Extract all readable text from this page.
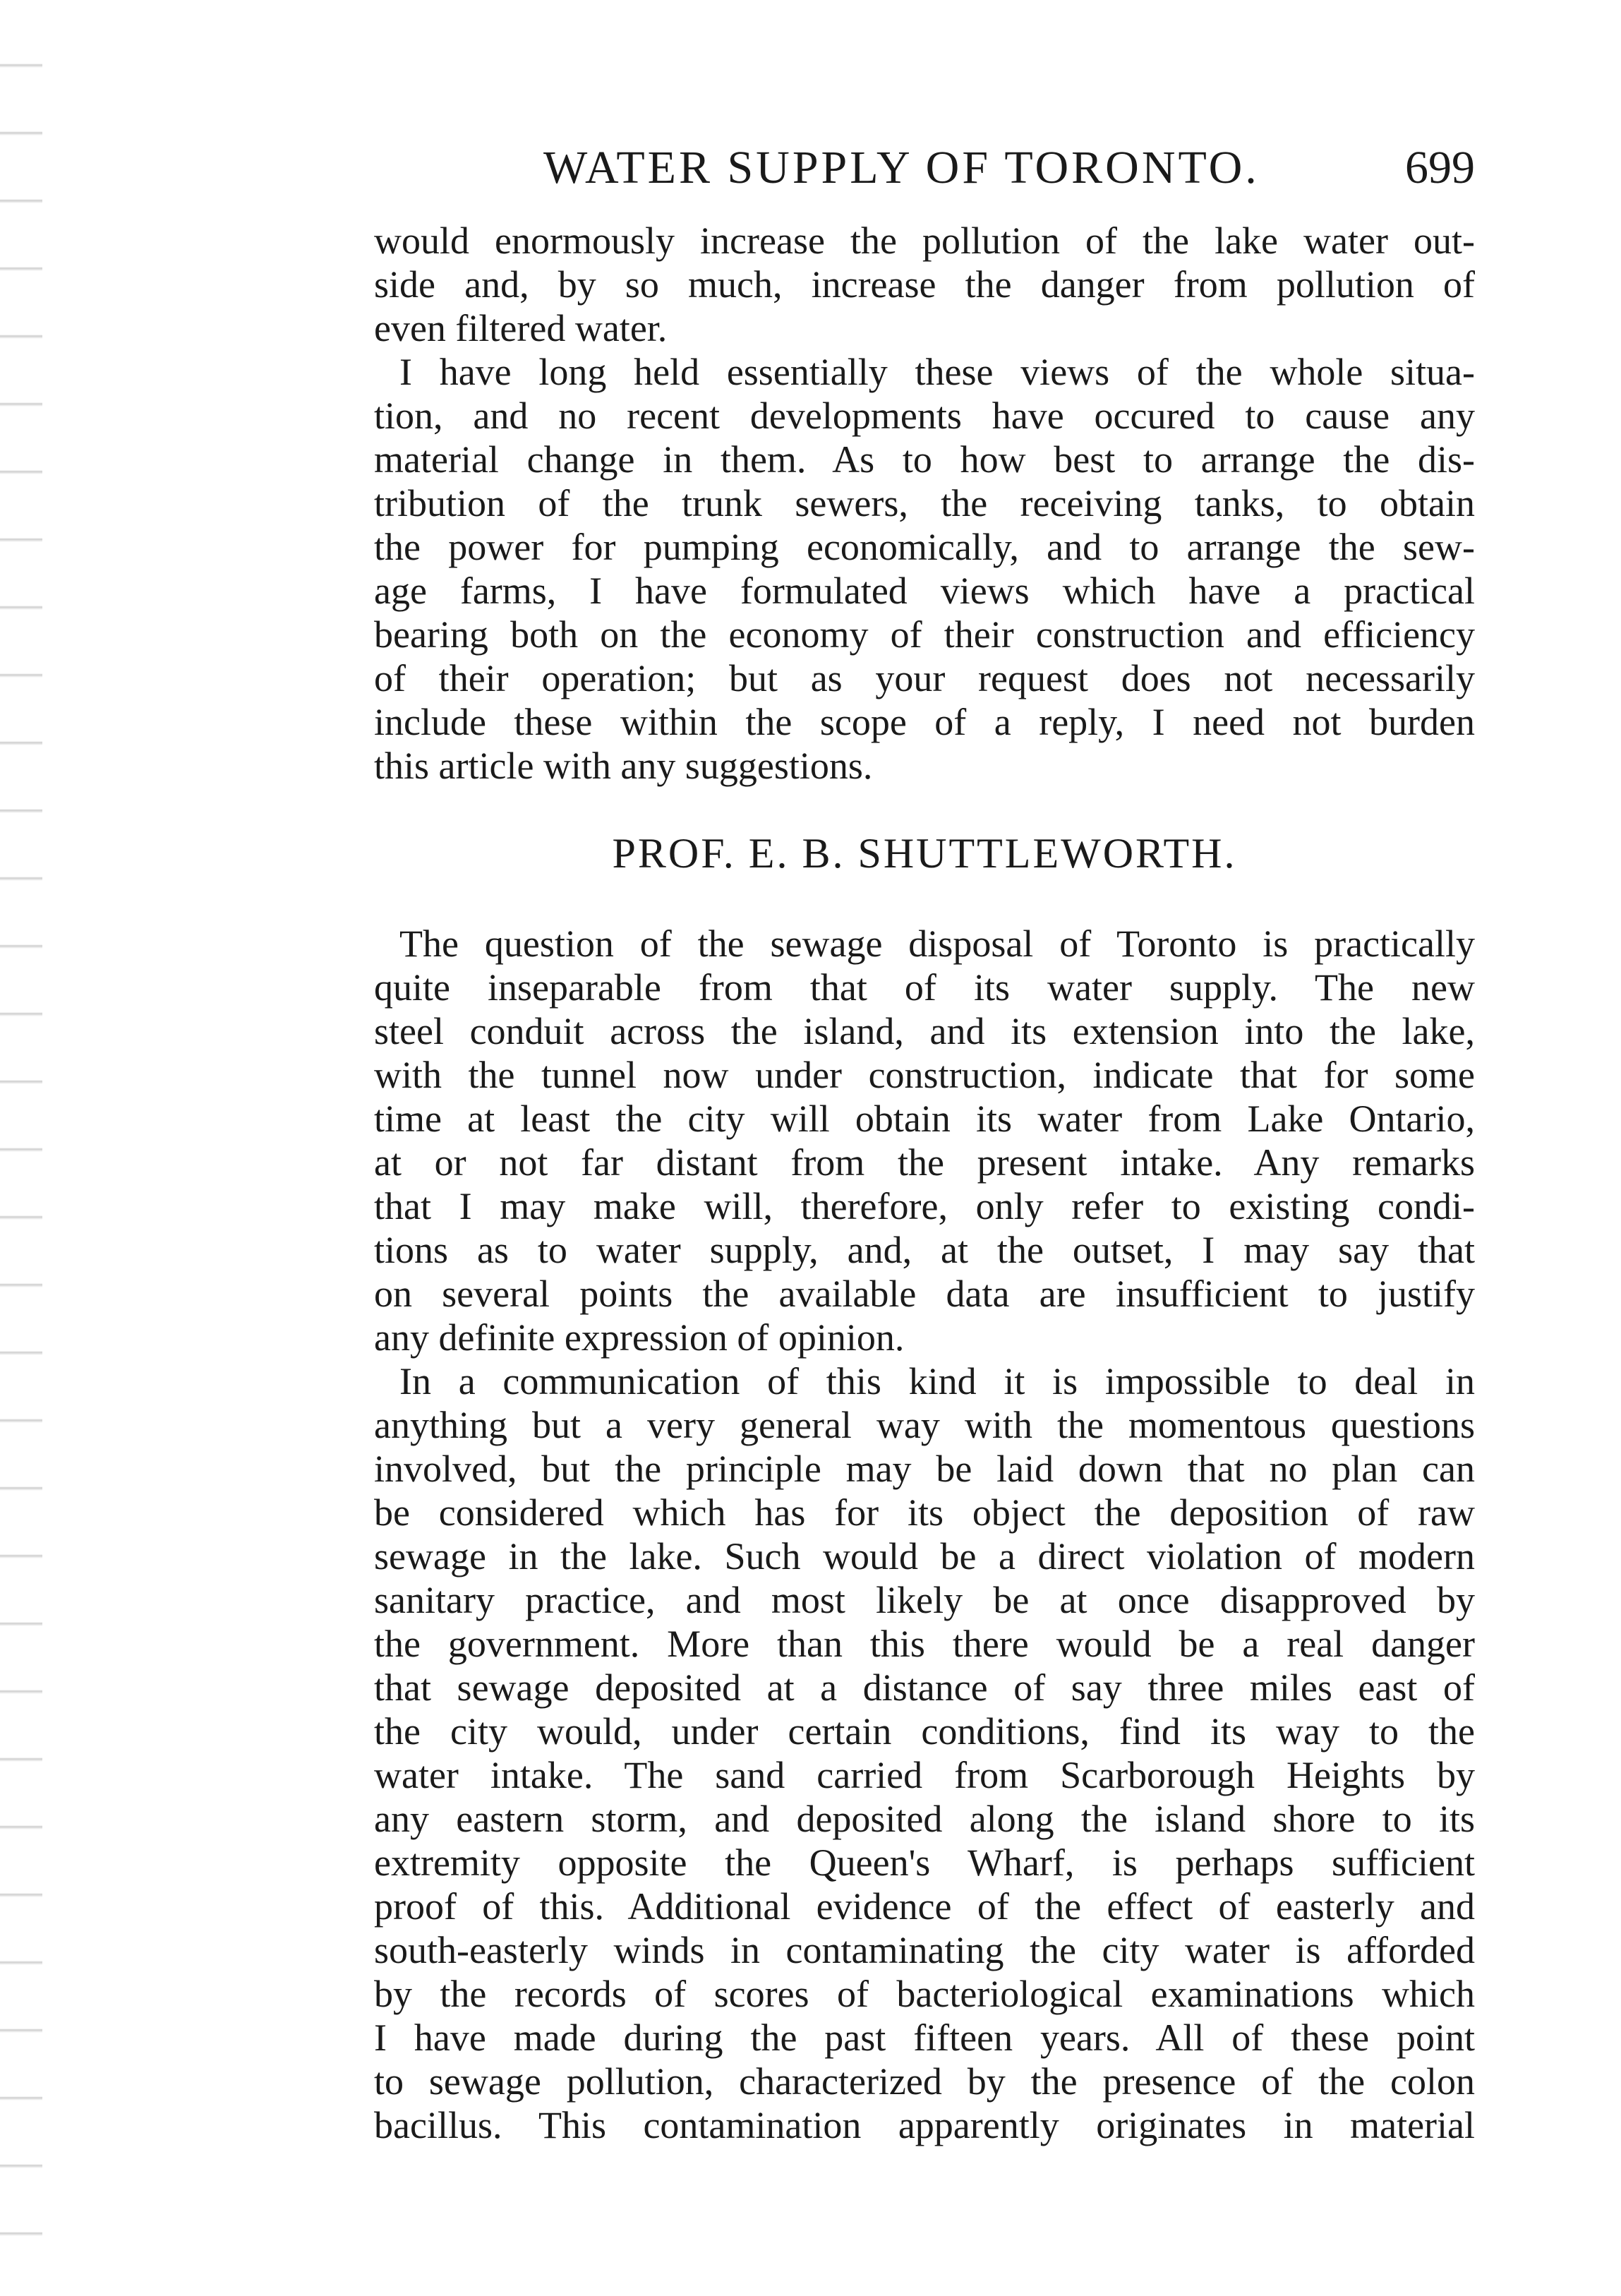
WATER SUPPLY OF TORONTO.	699
would enormously increase the pollution of the lake water out-
side and, by so much, increase the danger from pollution of
even filtered water.
I have long held essentially these views of the whole situa-
tion, and no recent developments have occured to cause any
material change in them. As to how best to arrange the dis-
tribution of the trunk sewers, the receiving tanks, to obtain
the power for pumping economically, and to arrange the sew-
age farms, I have formulated views which have a practical
bearing both on the economy of their construction and efficiency
of their operation; but as your request does not necessarily
include these within the scope of a reply, I need not burden
this article with any suggestions.
PROF. E. B. SHUTTLEWORTH.
The question of the sewage disposal of Toronto is practically
quite inseparable from that of its water supply. The new
steel conduit across the island, and its extension into the lake,
with the tunnel now under construction, indicate that for some
time at least the city will obtain its water from Lake Ontario,
at or not far distant from the present intake. Any remarks
that I may make will, therefore, only refer to existing condi-
tions as to water supply, and, at the outset, I may say that
on several points the available data are insufficient to justify
any definite expression of opinion.
In a communication of this kind it is impossible to deal in
anything but a very general way with the momentous questions
involved, but the principle may be laid down that no plan can
be considered which has for its object the deposition of raw
sewage in the lake. Such would be a direct violation of modern
sanitary practice, and most likely be at once disapproved by
the government. More than this there would be a real danger
that sewage deposited at a distance of say three miles east of
the city would, under certain conditions, find its way to the
water intake. The sand carried from Scarborough Heights by
any eastern storm, and deposited along the island shore to its
extremity opposite the Queen's Wharf, is perhaps sufficient
proof of this. Additional evidence of the effect of easterly and
south-easterly winds in contaminating the city water is afforded
by the records of scores of bacteriological examinations which
I have made during the past fifteen years. All of these point
to sewage pollution, characterized by the presence of the colon
bacillus. This contamination apparently originates in material
